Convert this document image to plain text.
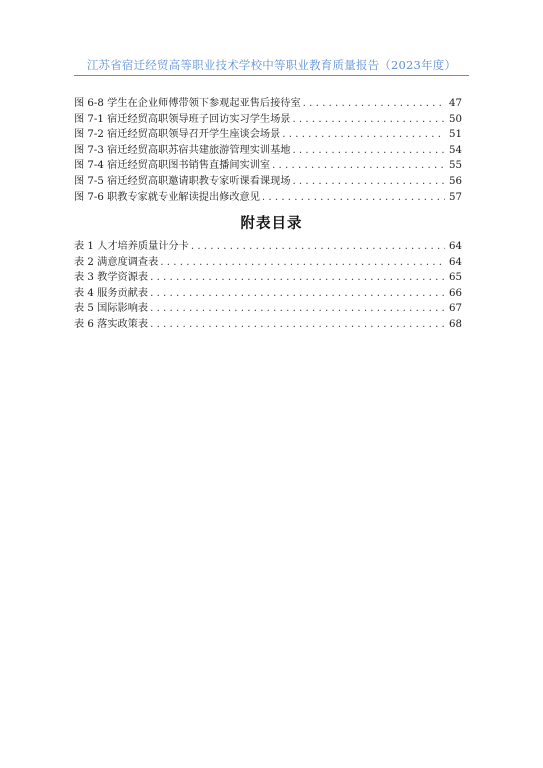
江苏省宿迁经贸高等职业技术学校中等职业教育质量报告（2023年度）
图 6-8 学生在企业师傅带领下参观起亚售后接待室 . . .	47
图 7-1 宿迁经贸高职领导班子回访实习学生场景 . . .	50
图 7-2 宿迁经贸高职领导召开学生座谈会场景 . . .	51
图 7-3 宿迁经贸高职苏宿共建旅游管理实训基地 . . .	54
图 7-4 宿迁经贸高职图书销售直播间实训室 . . .	55
图 7-5 宿迁经贸高职邀请职教专家听课看课现场 . . .	56
图 7-6 职教专家就专业解读提出修改意见 . . .	57
附表目录
表 1 人才培养质量计分卡 . . .	64
表 2 满意度调查表 . . .	64
表 3 教学资源表 . . .	65
表 4 服务贡献表 . . .	66
表 5 国际影响表 . . .	67
表 6 落实政策表 . . .	68
